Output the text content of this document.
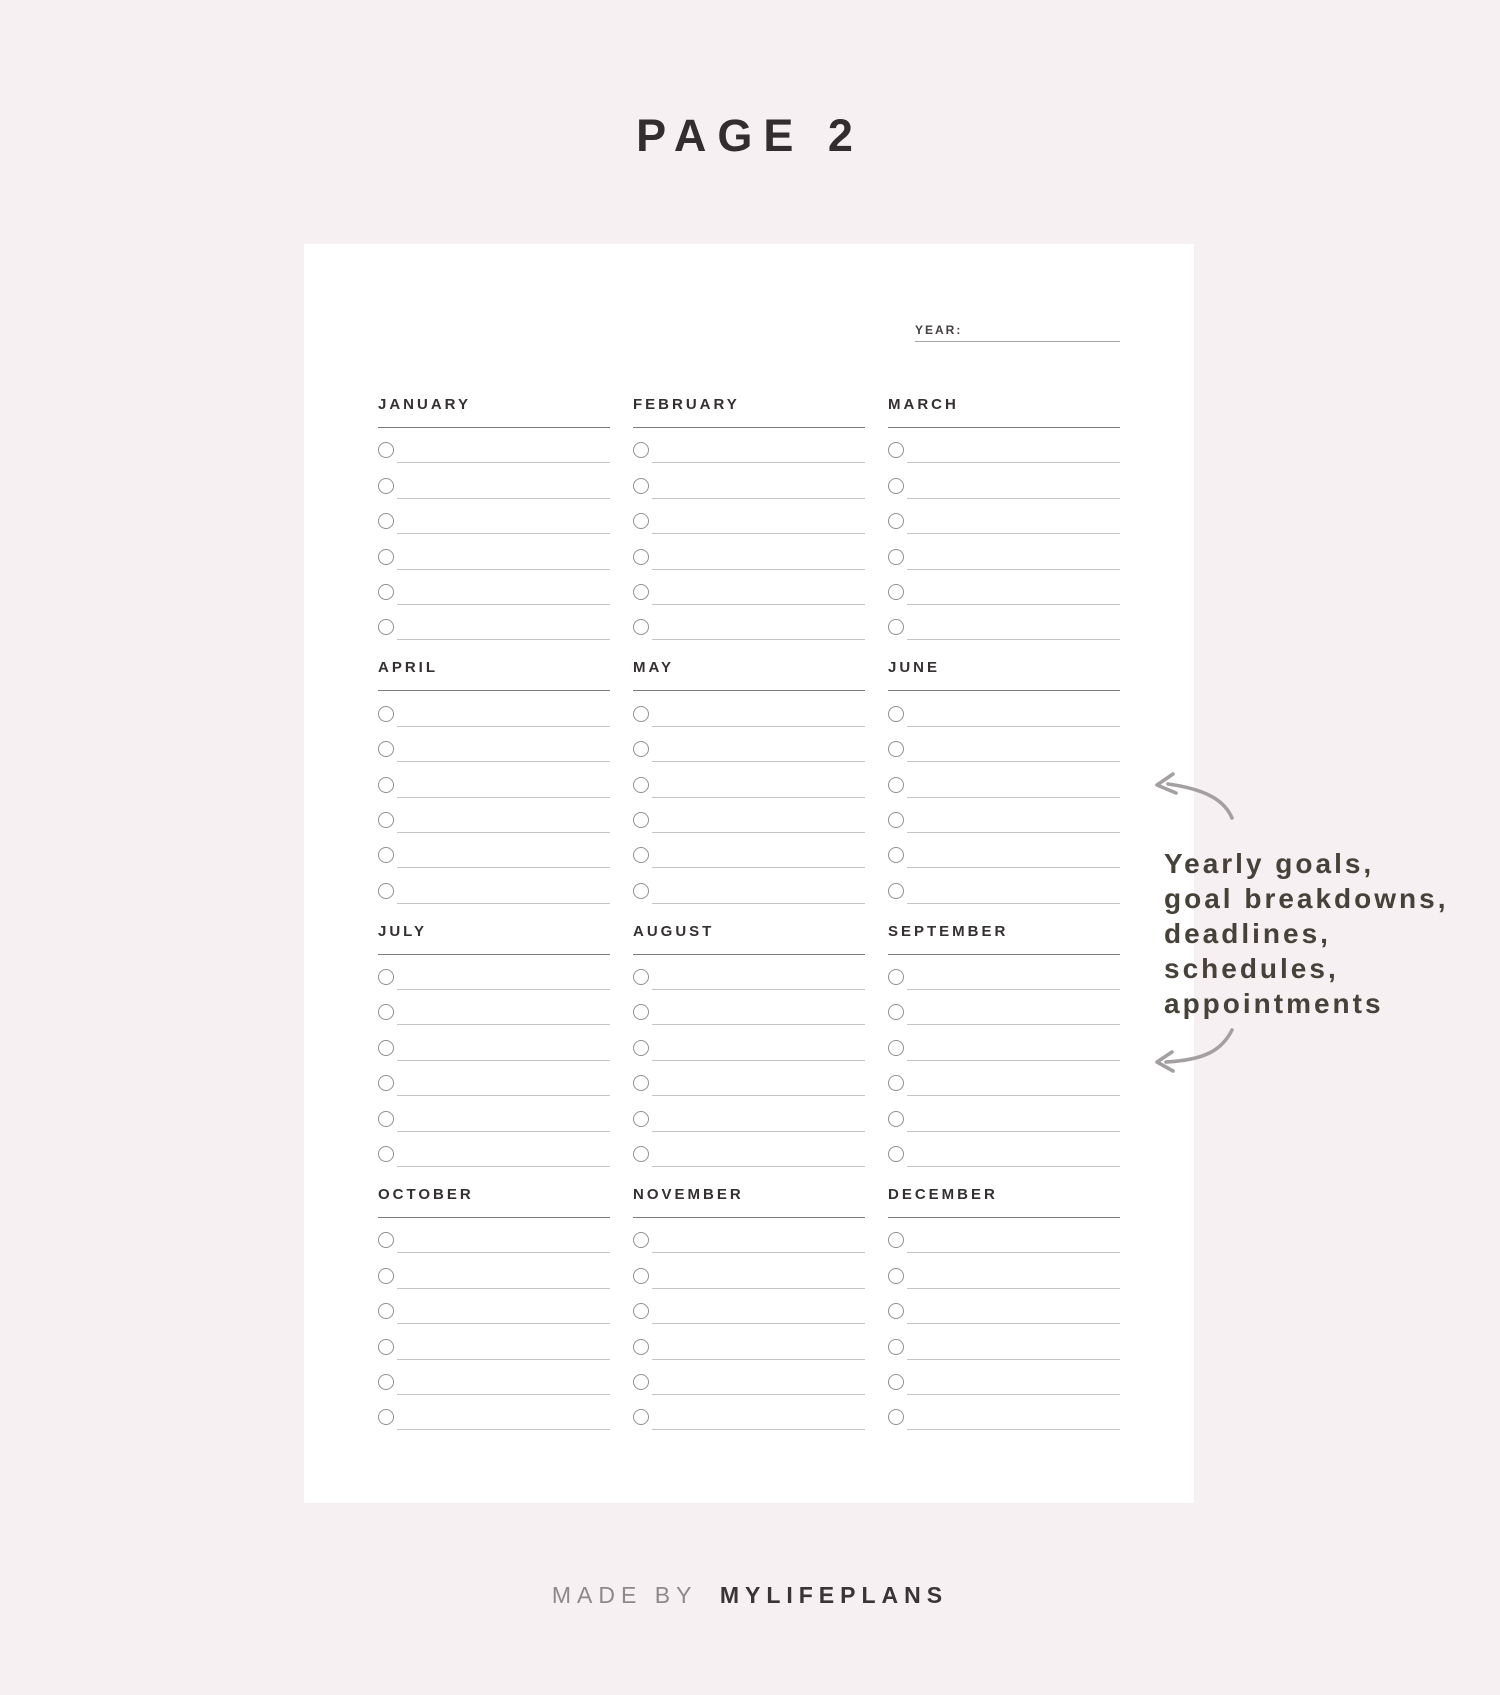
PAGE 2
YEAR:
JANUARY	FEBRUARY	MARCH
APRIL	MAY	JUNE
JULY	AUGUST	SEPTEMBER
OCTOBER	NOVEMBER	DECEMBER
Yearly goals,
goal breakdowns,
deadlines,
schedules,
appointments

MADE BY MYLIFEPLANS
